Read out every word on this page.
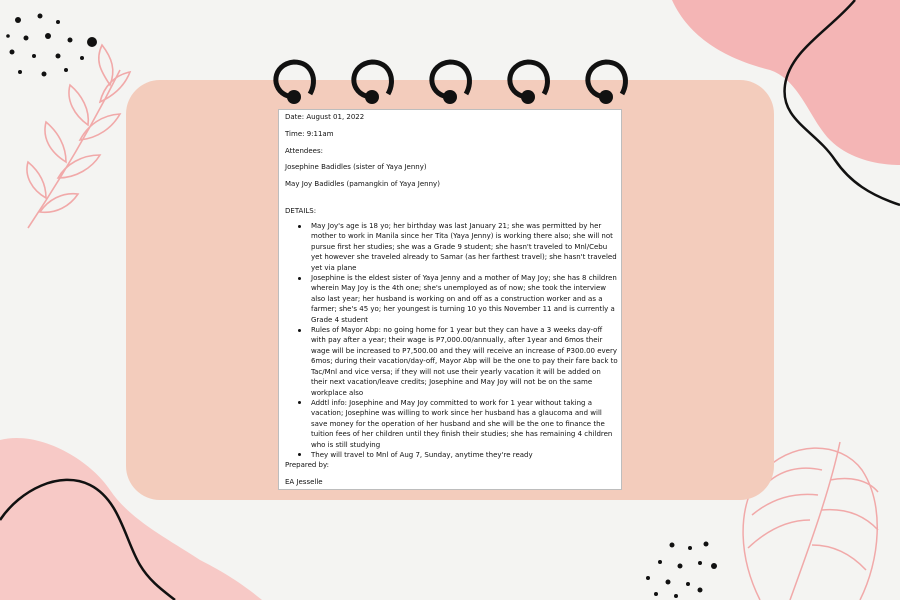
Date: August 01, 2022
Time: 9:11am
Attendees:
Josephine Badidles (sister of Yaya Jenny)
May Joy Badidles (pamangkin of Yaya Jenny)
DETAILS:
May Joy's age is 18 yo; her birthday was last January 21; she was permitted by her mother to work in Manila since her Tita (Yaya Jenny) is working there also; she will not pursue first her studies; she was a Grade 9 student; she hasn't traveled to Mnl/Cebu yet however she traveled already to Samar (as her farthest travel); she hasn't traveled yet via plane
Josephine is the eldest sister of Yaya Jenny and a mother of May Joy; she has 8 children wherein May Joy is the 4th one; she's unemployed as of now; she took the interview also last year; her husband is working on and off as a construction worker and as a farmer; she's 45 yo; her youngest is turning 10 yo this November 11 and is currently a Grade 4 student
Rules of Mayor Abp: no going home for 1 year but they can have a 3 weeks day-off with pay after a year; their wage is P7,000.00/annually, after 1year and 6mos their wage will be increased to P7,500.00 and they will receive an increase of P300.00 every 6mos; during their vacation/day-off, Mayor Abp will be the one to pay their fare back to Tac/Mnl and vice versa; if they will not use their yearly vacation it will be added on their next vacation/leave credits; Josephine and May Joy will not be on the same workplace also
Addtl info: Josephine and May Joy committed to work for 1 year without taking a vacation; Josephine was willing to work since her husband has a glaucoma and will save money for the operation of her husband and she will be the one to finance the tuition fees of her children until they finish their studies; she has remaining 4 children who is still studying
They will travel to Mnl of Aug 7, Sunday, anytime they're ready
Prepared by:
EA Jesselle
